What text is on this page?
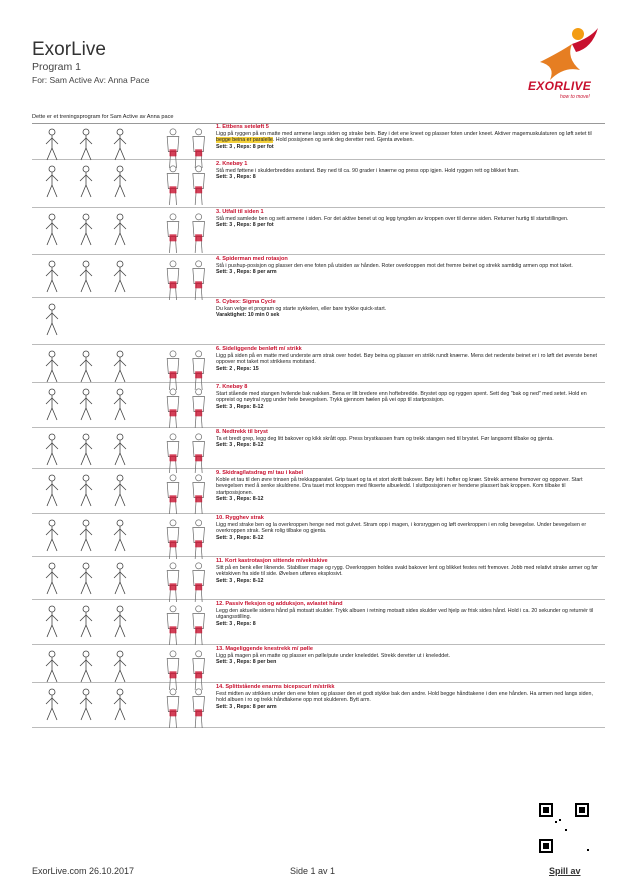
ExorLive
Program 1
For: Sam Active Av: Anna Pace	EXORLIVE
how to move!
Dette er et treningsprogram for Sam Active av Anna pace
1. Ettbens seteløft 5
Ligg på ryggen på en matte med armene langs siden og strake bein. Bøy i det ene kneet og plasser foten under kneet. Aktiver magemuskulaturen og løft setet til begge beina er paralelle. Hold posisjonen og senk deg deretter ned. Gjenta øvelsen.
Sett: 3 , Reps: 8 per fot
2. Knebøy 1
Stå med føttene i skulderbreddes avstand. Bøy ned til ca. 90 grader i knærne og press opp igjen. Hold ryggen rett og blikket fram.
Sett: 3 , Reps: 8
3. Utfall til siden 1
Stå med samlede ben og sett armene i siden. For det aktive benet ut og legg tyngden av kroppen over til denne siden. Returner hurtig til startstillingen.
Sett: 3 , Reps: 8 per fot
4. Spiderman med rotasjon
Stå i pushup-posisjon og plasser den ene foten på utsiden av hånden. Roter overkroppen mot det fremre beinet og strekk samtidig armen opp mot taket.
Sett: 3 , Reps: 8 per arm
5. Cybex: Sigma Cycle
Du kan velge et program og starte sykkelen, eller bare trykke quick-start.
Varaktighet: 10 min 0 sek
6. Sideliggende benløft m/ strikk
Ligg på siden på en matte med underste arm strak over hodet. Bøy beina og plasser en strikk rundt knærne. Mens det nederste beinet er i ro løft det øverste benet oppover mot taket mot strikkens motstand.
Sett: 2 , Reps: 15
7. Knebøy 8
Start stående med stangen hvilende bak nakken. Bena er litt bredere enn hoftebredde. Brystet opp og ryggen spent. Sett deg "bak og ned" med setet. Hold en oppreist og nøytral rygg under hele bevegelsen. Trykk gjennom hælen på vei opp til startposisjon.
Sett: 3 , Reps: 8-12
8. Nedtrekk til bryst
Ta et bredt grep, legg deg litt bakover og kikk skrått opp. Press brystkassen fram og trekk stangen ned til brystet. Før langsomt tilbake og gjenta.
Sett: 3 , Reps: 8-12
9. Skidrag/latsdrag m/ tau i kabel
Koble et tau til den øvre trinsen på trekkapparatet. Grip tauet og ta et stort skritt bakover. Bøy lett i hofter og knær. Strekk armene fremover og oppover. Start bevegelsen med å senke skuldrene. Dra tauet mot kroppen med fikserte albueledd. I sluttposisjonen er hendene plassert bak kroppen. Kom tilbake til startposisjonen.
Sett: 3 , Reps: 8-12
10. Rygghev strak
Ligg med strake ben og la overkroppen henge ned mot gulvet. Stram opp i magen, i korsryggen og løft overkroppen i en rolig bevegelse. Under bevegelsen er overkroppen strak. Senk rolig tilbake og gjenta.
Sett: 3 , Reps: 8-12
11. Kort kastrotasjon sittende m/vektskive
Sitt på en benk eller liknende. Stabiliser mage og rygg. Overkroppen holdes svakt bakover lent og blikket festes rett fremover. Jobb med relativt strake armer og før vektskiven fra side til side. Øvelsen utføres eksplosivt.
Sett: 3 , Reps: 8-12
12. Passiv fleksjon og adduksjon, avlastet hånd
Legg den aktuelle sidens hånd på motsatt skulder. Trykk albuen i retning motsatt sides skulder ved hjelp av frisk sides hånd. Hold i ca. 20 sekunder og returnér til utgangsstilling.
Sett: 3 , Reps: 8
13. Mageliggende knestrekk m/ pølle
Ligg på magen på en matte og plasser en pølle/pute under kneleddet. Strekk deretter ut i kneleddet.
Sett: 3 , Reps: 8 per ben
14. Splittstående enarms bicepscurl m/strikk
Fest midten av strikken under den ene foten og plasser den et godt stykke bak den andre. Hold begge håndtakene i den ene hånden. Ha armen ned langs siden, hold albuen i ro og trekk håndtakene opp mot skulderen. Bytt arm.
Sett: 3 , Reps: 8 per arm
ExorLive.com 26.10.2017	Side 1 av 1	Spill av
